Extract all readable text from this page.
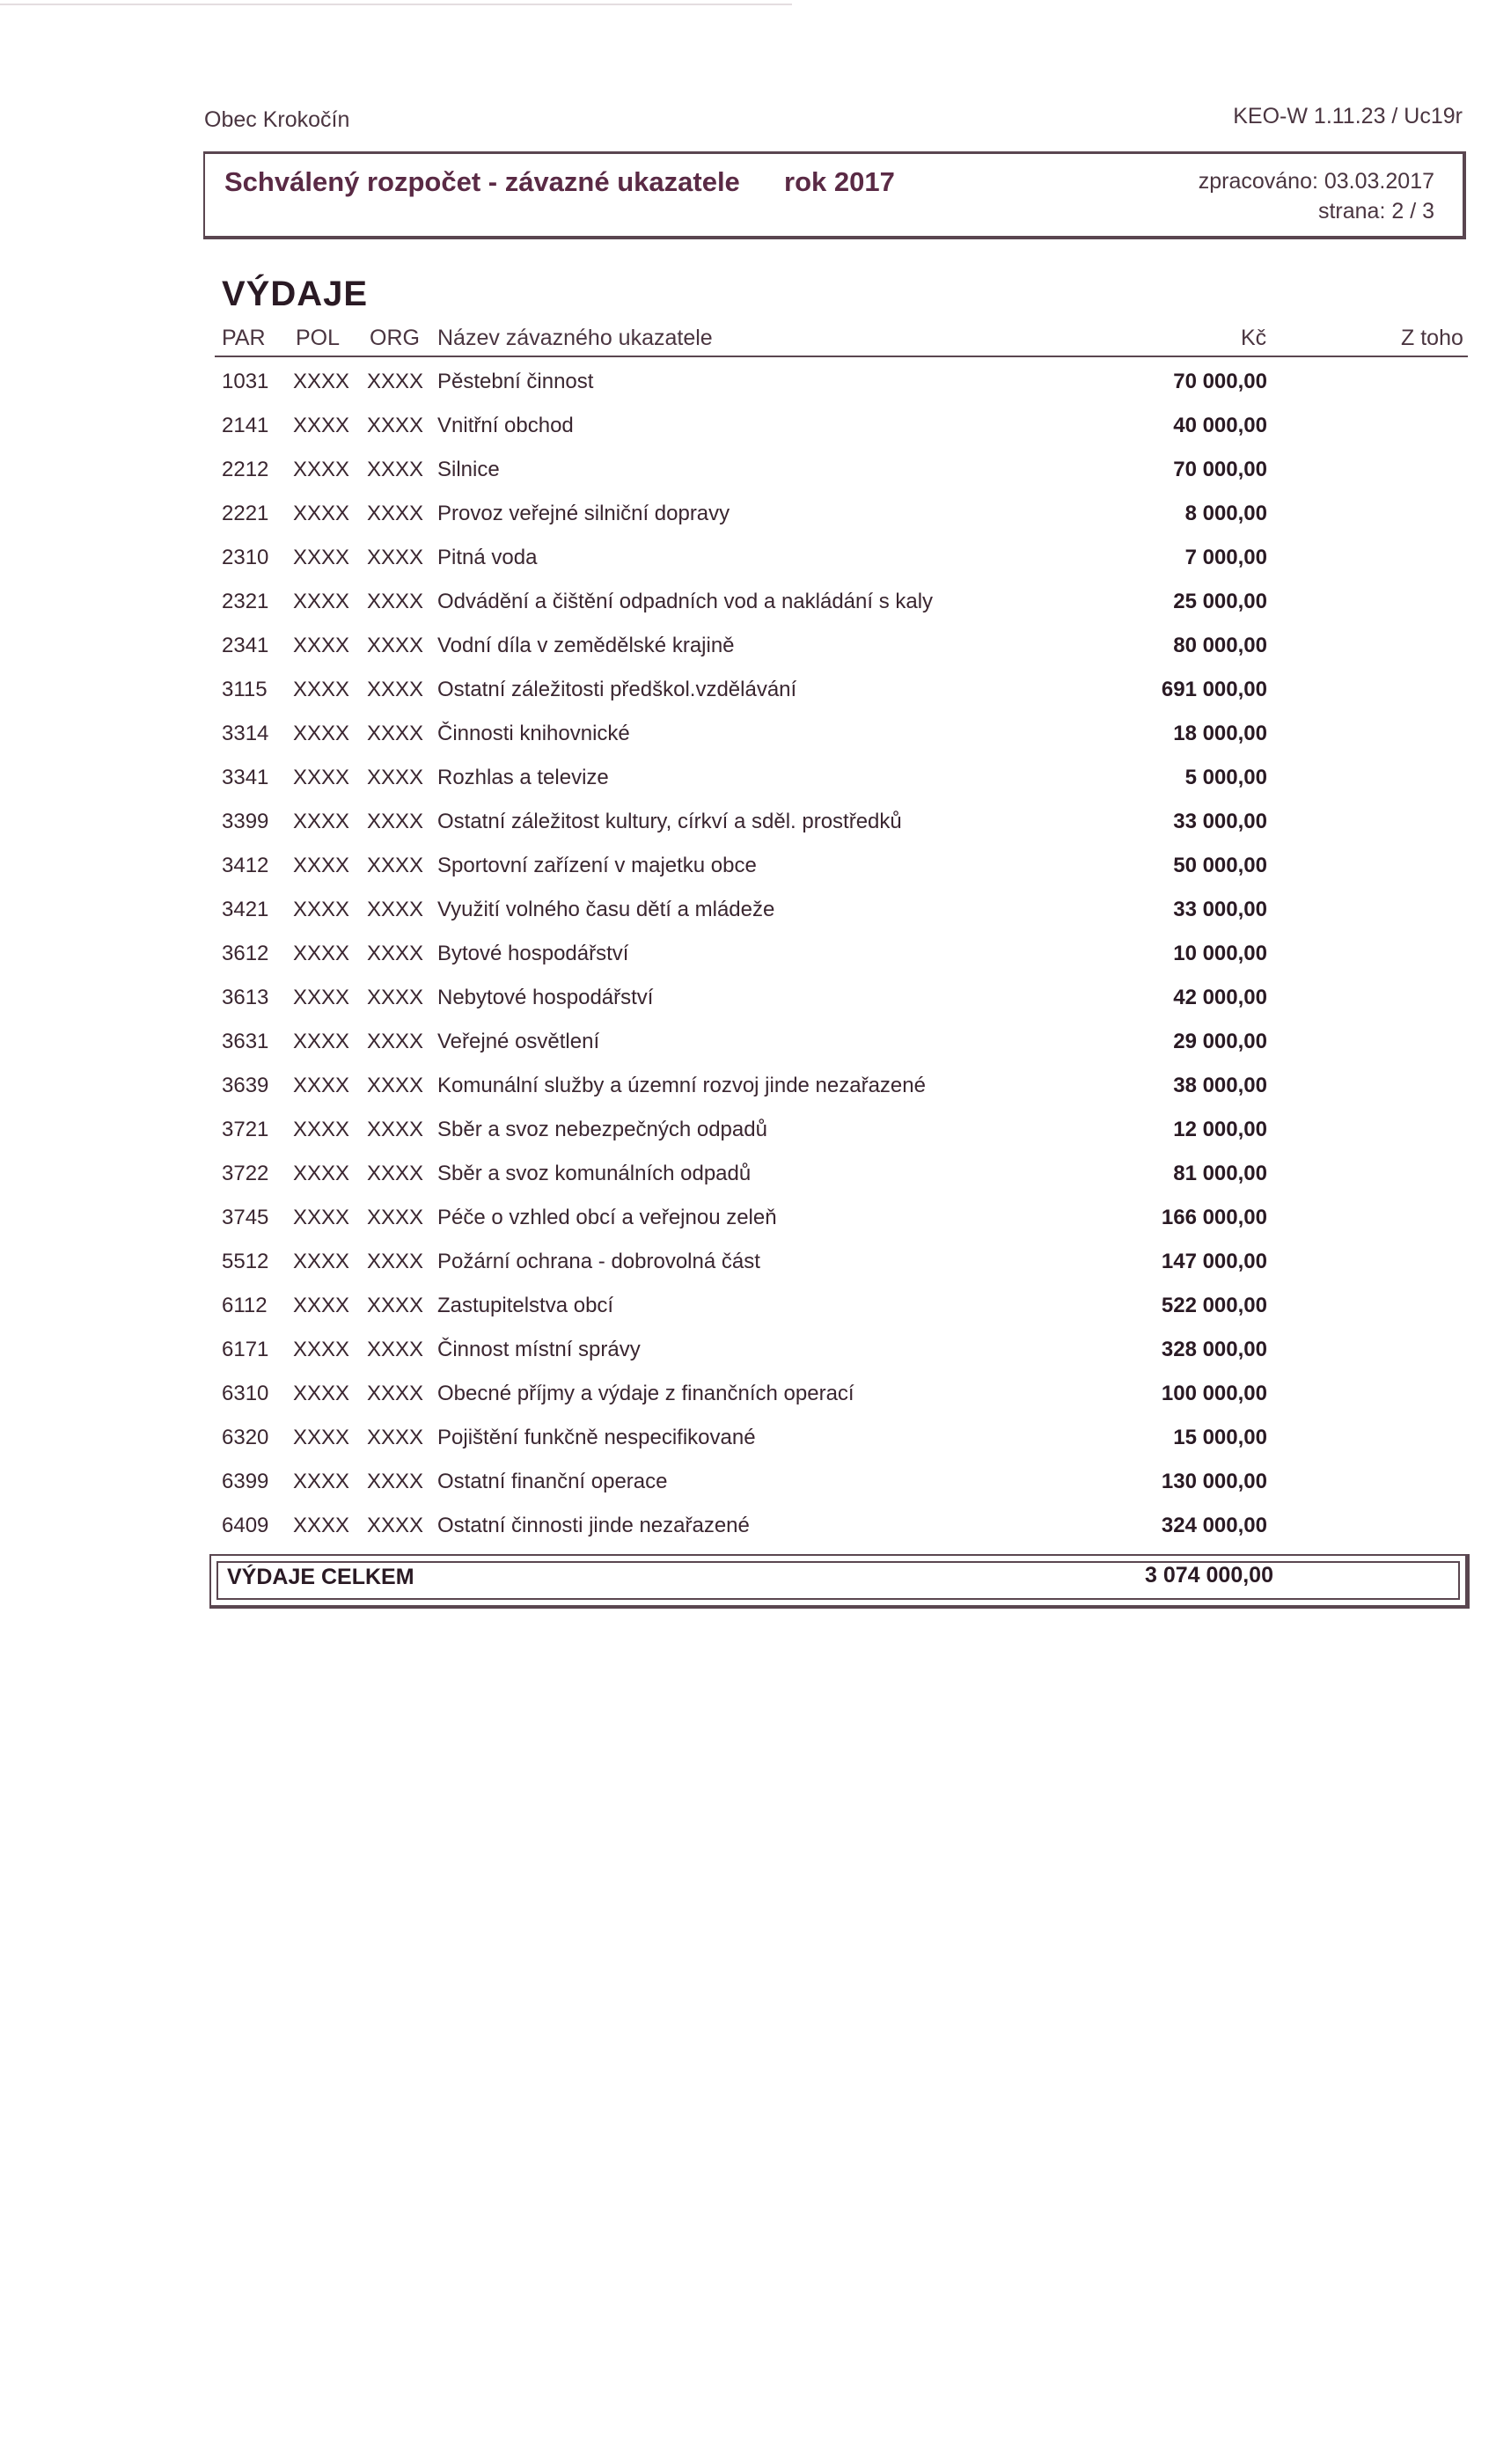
Obec Krokočín	KEO-W 1.11.23 / Uc19r
Schválený rozpočet - závazné ukazatele rok 2017	zpracováno: 03.03.2017
strana: 2 / 3
VÝDAJE
PAR POL ORG Název závazného ukazatele	Kč	Z toho
1031 XXXX XXXX Pěstební činnost	70 000,00
2141 XXXX XXXX Vnitřní obchod	40 000,00
2212 XXXX XXXX Silnice	70 000,00
2221 XXXX XXXX Provoz veřejné silniční dopravy	8 000,00
2310 XXXX XXXX Pitná voda	7 000,00
2321 XXXX XXXX Odvádění a čištění odpadních vod a nakládání s kaly	25 000,00
2341 XXXX XXXX Vodní díla v zemědělské krajině	80 000,00
3115 XXXX XXXX Ostatní záležitosti předškol.vzdělávání	691 000,00
3314 XXXX XXXX Činnosti knihovnické	18 000,00
3341 XXXX XXXX Rozhlas a televize	5 000,00
3399 XXXX XXXX Ostatní záležitost kultury, církví a sděl. prostředků	33 000,00
3412 XXXX XXXX Sportovní zařízení v majetku obce	50 000,00
3421 XXXX XXXX Využití volného času dětí a mládeže	33 000,00
3612 XXXX XXXX Bytové hospodářství	10 000,00
3613 XXXX XXXX Nebytové hospodářství	42 000,00
3631 XXXX XXXX Veřejné osvětlení	29 000,00
3639 XXXX XXXX Komunální služby a územní rozvoj jinde nezařazené	38 000,00
3721 XXXX XXXX Sběr a svoz nebezpečných odpadů	12 000,00
3722 XXXX XXXX Sběr a svoz komunálních odpadů	81 000,00
3745 XXXX XXXX Péče o vzhled obcí a veřejnou zeleň	166 000,00
5512 XXXX XXXX Požární ochrana - dobrovolná část	147 000,00
6112 XXXX XXXX Zastupitelstva obcí	522 000,00
6171 XXXX XXXX Činnost místní správy	328 000,00
6310 XXXX XXXX Obecné příjmy a výdaje z finančních operací	100 000,00
6320 XXXX XXXX Pojištění funkčně nespecifikované	15 000,00
6399 XXXX XXXX Ostatní finanční operace	130 000,00
6409 XXXX XXXX Ostatní činnosti jinde nezařazené	324 000,00
VÝDAJE CELKEM	3 074 000,00
